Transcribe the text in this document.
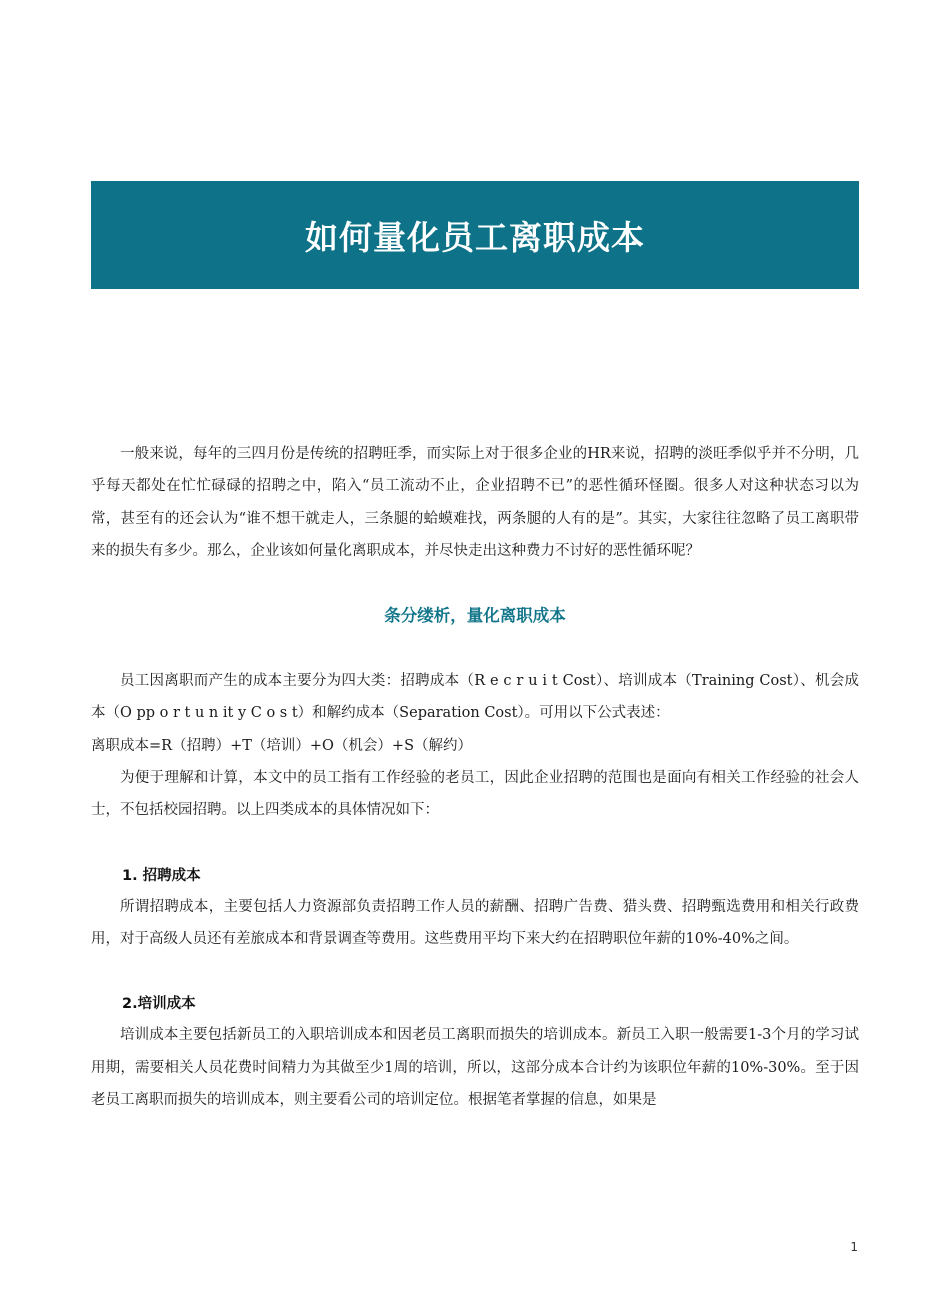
如何量化员工离职成本

一般来说，每年的三四月份是传统的招聘旺季，而实际上对于很多企业的HR来说，招聘的淡旺季似乎并不分明，几乎每天都处在忙忙碌碌的招聘之中，陷入“员工流动不止，企业招聘不已”的恶性循环怪圈。很多人对这种状态习以为常，甚至有的还会认为“谁不想干就走人，三条腿的蛤蟆难找，两条腿的人有的是”。其实，大家往往忽略了员工离职带来的损失有多少。那么，企业该如何量化离职成本，并尽快走出这种费力不讨好的恶性循环呢？

条分缕析，量化离职成本

员工因离职而产生的成本主要分为四大类：招聘成本（R e c r u i t Cost）、培训成本（Training Cost）、机会成本（O pp o r t u n it y C o s t）和解约成本（Separation Cost）。可用以下公式表述：

离职成本=R（招聘）+T（培训）+O（机会）+S（解约）

为便于理解和计算，本文中的员工指有工作经验的老员工，因此企业招聘的范围也是面向有相关工作经验的社会人士，不包括校园招聘。以上四类成本的具体情况如下：

1. 招聘成本

所谓招聘成本，主要包括人力资源部负责招聘工作人员的薪酬、招聘广告费、猎头费、招聘甄选费用和相关行政费用，对于高级人员还有差旅成本和背景调查等费用。这些费用平均下来大约在招聘职位年薪的10%-40%之间。

2.培训成本

培训成本主要包括新员工的入职培训成本和因老员工离职而损失的培训成本。新员工入职一般需要1-3个月的学习试用期，需要相关人员花费时间精力为其做至少1周的培训，所以，这部分成本合计约为该职位年薪的10%-30%。至于因老员工离职而损失的培训成本，则主要看公司的培训定位。根据笔者掌握的信息，如果是

1
